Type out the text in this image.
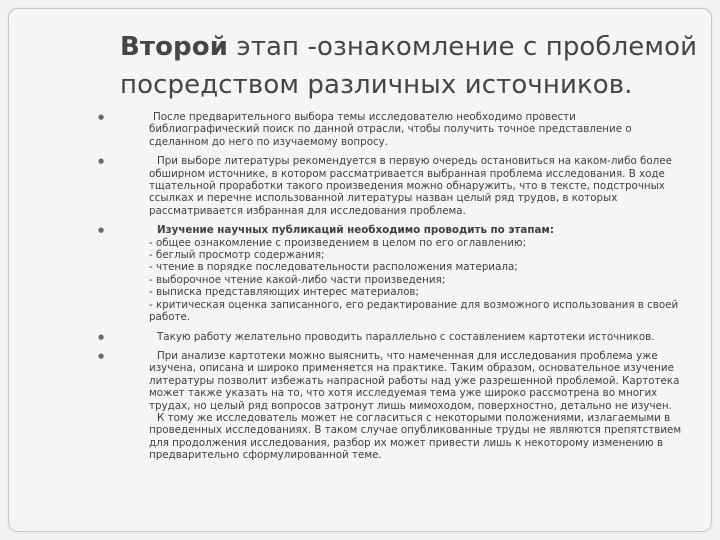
Второй этап -ознакомление с проблемой
посредством различных источников.
●	После предварительного выбора темы исследователю необходимо провести
библиографический поиск по данной отрасли, чтобы получить точное представление о
сделанном до него по изучаемому вопросу.
●	При выборе литературы рекомендуется в первую очередь остановиться на каком-либо более
обширном источнике, в котором рассматривается выбранная проблема исследования. В ходе
тщательной проработки такого произведения можно обнаружить, что в тексте, подстрочных
ссылках и перечне использованной литературы назван целый ряд трудов, в которых
рассматривается избранная для исследования проблема.
●	Изучение научных публикаций необходимо проводить по этапам:
- общее ознакомление с произведением в целом по его оглавлению;
- беглый просмотр содержания;
- чтение в порядке последовательности расположения материала;
- выборочное чтение какой-либо части произведения;
- выписка представляющих интерес материалов;
- критическая оценка записанного, его редактирование для возможного использования в своей
работе.
●	Такую работу желательно проводить параллельно с составлением картотеки источников.
●	При анализе картотеки можно выяснить, что намеченная для исследования проблема уже
изучена, описана и широко применяется на практике. Таким образом, основательное изучение
литературы позволит избежать напрасной работы над уже разрешенной проблемой. Картотека
может также указать на то, что хотя исследуемая тема уже широко рассмотрена во многих
трудах, но целый ряд вопросов затронут лишь мимоходом, поверхностно, детально не изучен.
К тому же исследователь может не согласиться с некоторыми положениями, излагаемыми в
проведенных исследованиях. В таком случае опубликованные труды не являются препятствием
для продолжения исследования, разбор их может привести лишь к некоторому изменению в
предварительно сформулированной теме.
